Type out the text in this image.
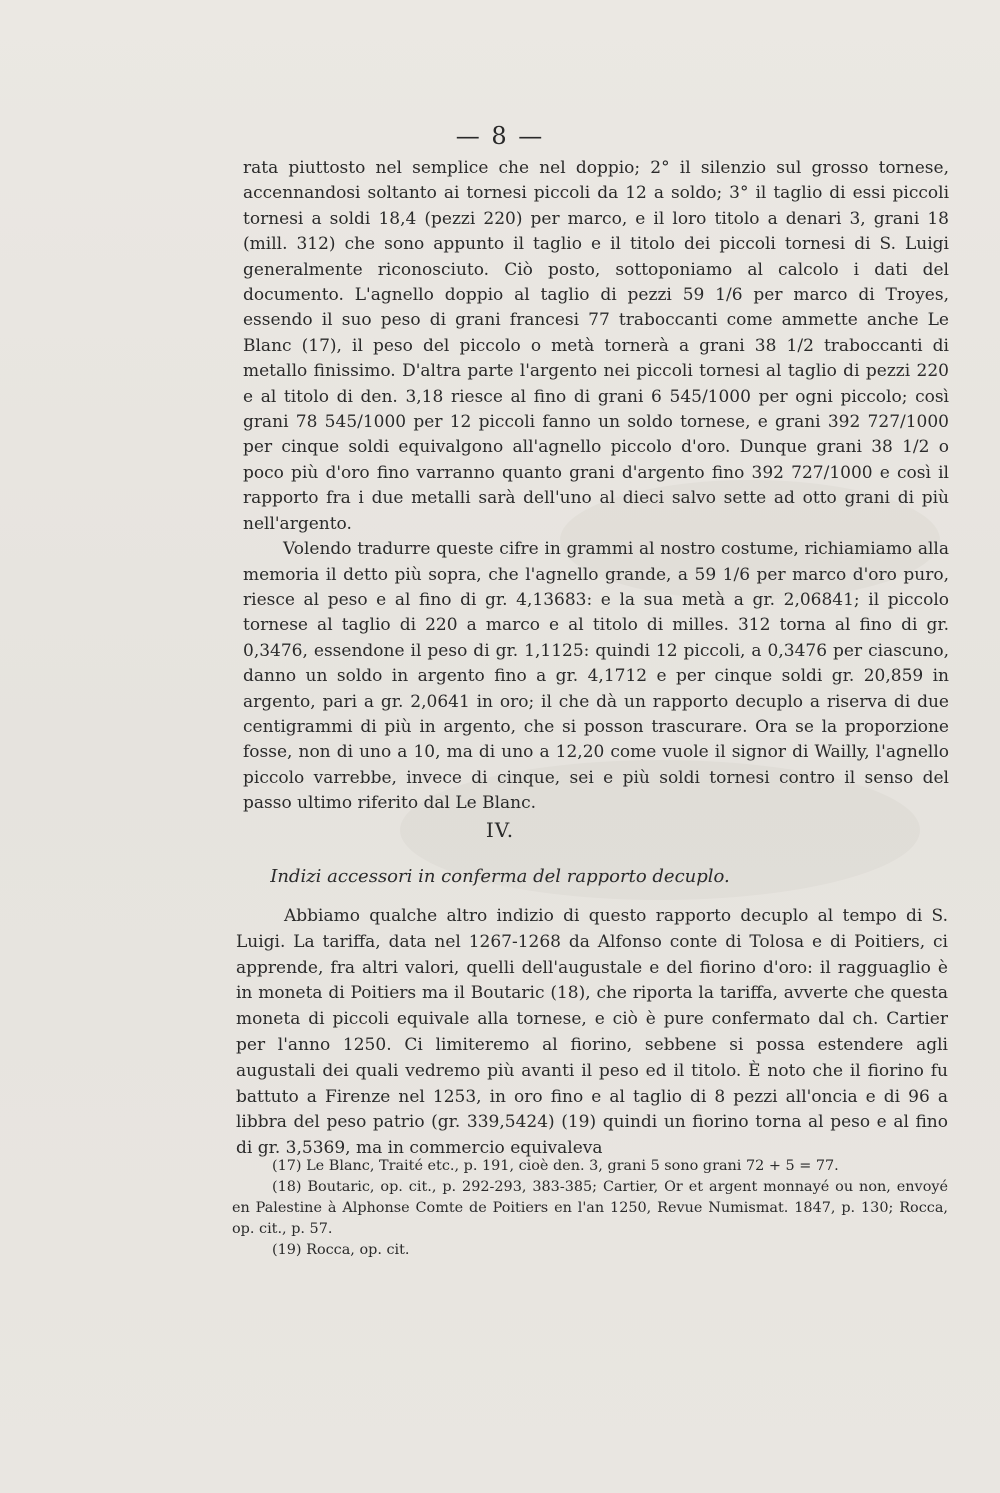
— 8 —

rata piuttosto nel semplice che nel doppio; 2° il silenzio sul grosso tornese, accennandosi soltanto ai tornesi piccoli da 12 a soldo; 3° il taglio di essi piccoli tornesi a soldi 18,4 (pezzi 220) per marco, e il loro titolo a denari 3, grani 18 (mill. 312) che sono appunto il taglio e il titolo dei piccoli tornesi di S. Luigi generalmente riconosciuto. Ciò posto, sottoponiamo al calcolo i dati del documento. L'agnello doppio al taglio di pezzi 59 1/6 per marco di Troyes, essendo il suo peso di grani francesi 77 traboccanti come ammette anche Le Blanc (17), il peso del piccolo o metà tornerà a grani 38 1/2 traboccanti di metallo finissimo. D'altra parte l'argento nei piccoli tornesi al taglio di pezzi 220 e al titolo di den. 3,18 riesce al fino di grani 6 545/1000 per ogni piccolo; così grani 78 545/1000 per 12 piccoli fanno un soldo tornese, e grani 392 727/1000 per cinque soldi equivalgono all'agnello piccolo d'oro. Dunque grani 38 1/2 o poco più d'oro fino varranno quanto grani d'argento fino 392 727/1000 e così il rapporto fra i due metalli sarà dell'uno al dieci salvo sette ad otto grani di più nell'argento.

Volendo tradurre queste cifre in grammi al nostro costume, richiamiamo alla memoria il detto più sopra, che l'agnello grande, a 59 1/6 per marco d'oro puro, riesce al peso e al fino di gr. 4,13683: e la sua metà a gr. 2,06841; il piccolo tornese al taglio di 220 a marco e al titolo di milles. 312 torna al fino di gr. 0,3476, essendone il peso di gr. 1,1125: quindi 12 piccoli, a 0,3476 per ciascuno, danno un soldo in argento fino a gr. 4,1712 e per cinque soldi gr. 20,859 in argento, pari a gr. 2,0641 in oro; il che dà un rapporto decuplo a riserva di due centigrammi di più in argento, che si posson trascurare. Ora se la proporzione fosse, non di uno a 10, ma di uno a 12,20 come vuole il signor di Wailly, l'agnello piccolo varrebbe, invece di cinque, sei e più soldi tornesi contro il senso del passo ultimo riferito dal Le Blanc.

IV.
Indizi accessori in conferma del rapporto decuplo.

Abbiamo qualche altro indizio di questo rapporto decuplo al tempo di S. Luigi. La tariffa, data nel 1267-1268 da Alfonso conte di Tolosa e di Poitiers, ci apprende, fra altri valori, quelli dell'augustale e del fiorino d'oro: il ragguaglio è in moneta di Poitiers ma il Boutaric (18), che riporta la tariffa, avverte che questa moneta di piccoli equivale alla tornese, e ciò è pure confermato dal ch. Cartier per l'anno 1250. Ci limiteremo al fiorino, sebbene si possa estendere agli augustali dei quali vedremo più avanti il peso ed il titolo. È noto che il fiorino fu battuto a Firenze nel 1253, in oro fino e al taglio di 8 pezzi all'oncia e di 96 a libbra del peso patrio (gr. 339,5424) (19) quindi un fiorino torna al peso e al fino di gr. 3,5369, ma in commercio equivaleva

(17) Le Blanc, Traité etc., p. 191, cioè den. 3, grani 5 sono grani 72 + 5 = 77.

(18) Boutaric, op. cit., p. 292-293, 383-385; Cartier, Or et argent monnayé ou non, envoyé en Palestine à Alphonse Comte de Poitiers en l'an 1250, Revue Numismat. 1847, p. 130; Rocca, op. cit., p. 57.

(19) Rocca, op. cit.
